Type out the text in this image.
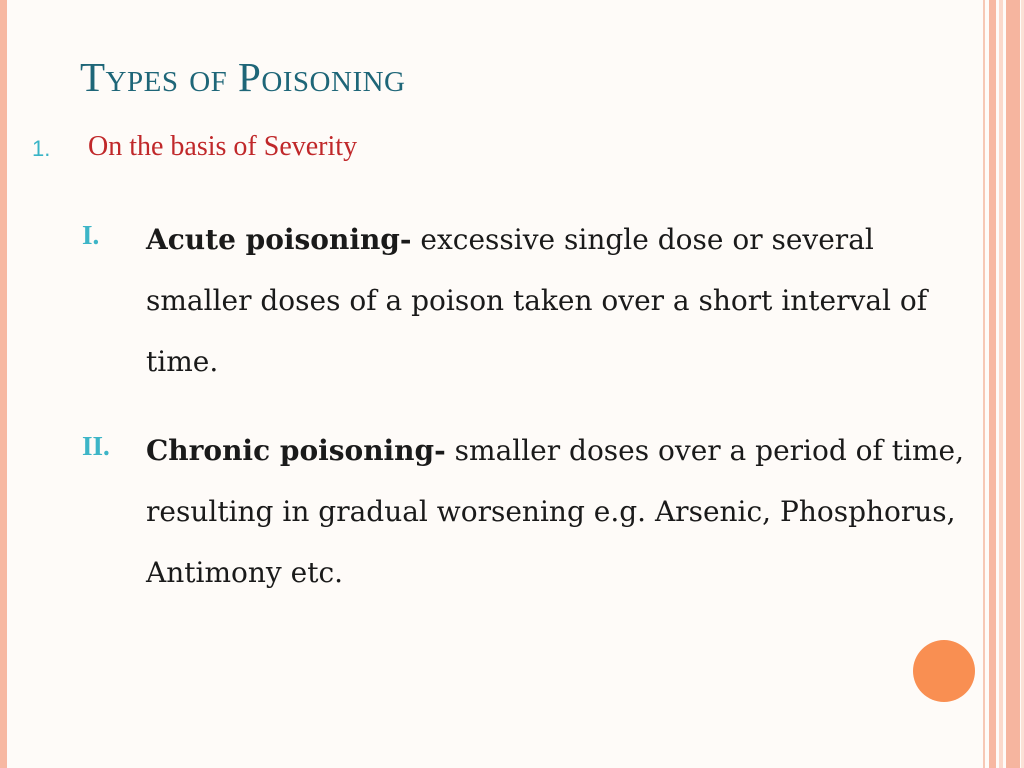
Types of Poisoning
1. On the basis of Severity
I. Acute poisoning- excessive single dose or several smaller doses of a poison taken over a short interval of time.
II. Chronic poisoning- smaller doses over a period of time, resulting in gradual worsening e.g. Arsenic, Phosphorus, Antimony etc.
